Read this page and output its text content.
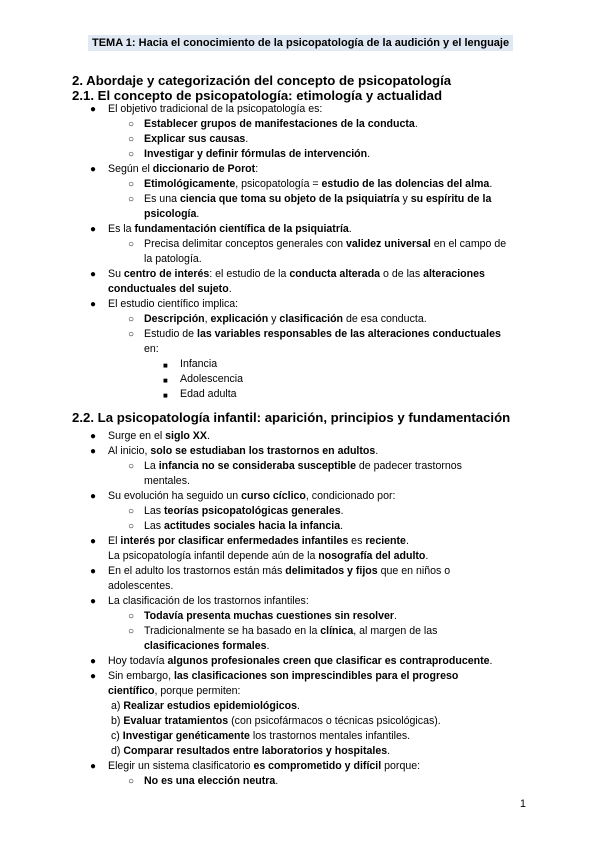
TEMA 1: Hacia el conocimiento de la psicopatología de la audición y el lenguaje
2. Abordaje y categorización del concepto de psicopatología
2.1. El concepto de psicopatología: etimología y actualidad
● El objetivo tradicional de la psicopatología es:
○ Establecer grupos de manifestaciones de la conducta.
○ Explicar sus causas.
○ Investigar y definir fórmulas de intervención.
● Según el diccionario de Porot:
○ Etimológicamente, psicopatología = estudio de las dolencias del alma.
○ Es una ciencia que toma su objeto de la psiquiatría y su espíritu de la
psicología.
● Es la fundamentación científica de la psiquiatría.
○ Precisa delimitar conceptos generales con validez universal en el campo de
la patología.
● Su centro de interés: el estudio de la conducta alterada o de las alteraciones
conductuales del sujeto.
● El estudio científico implica:
○ Descripción, explicación y clasificación de esa conducta.
○ Estudio de las variables responsables de las alteraciones conductuales
en:
■ Infancia
■ Adolescencia
■ Edad adulta
2.2. La psicopatología infantil: aparición, principios y fundamentación
● Surge en el siglo XX.
● Al inicio, solo se estudiaban los trastornos en adultos.
○ La infancia no se consideraba susceptible de padecer trastornos
mentales.
● Su evolución ha seguido un curso cíclico, condicionado por:
○ Las teorías psicopatológicas generales.
○ Las actitudes sociales hacia la infancia.
● El interés por clasificar enfermedades infantiles es reciente.
La psicopatología infantil depende aún de la nosografía del adulto.
● En el adulto los trastornos están más delimitados y fijos que en niños o
adolescentes.
● La clasificación de los trastornos infantiles:
○ Todavía presenta muchas cuestiones sin resolver.
○ Tradicionalmente se ha basado en la clínica, al margen de las
clasificaciones formales.
● Hoy todavía algunos profesionales creen que clasificar es contraproducente.
● Sin embargo, las clasificaciones son imprescindibles para el progreso
científico, porque permiten:
a) Realizar estudios epidemiológicos.
b) Evaluar tratamientos (con psicofármacos o técnicas psicológicas).
c) Investigar genéticamente los trastornos mentales infantiles.
d) Comparar resultados entre laboratorios y hospitales.
● Elegir un sistema clasificatorio es comprometido y difícil porque:
○ No es una elección neutra.
1
